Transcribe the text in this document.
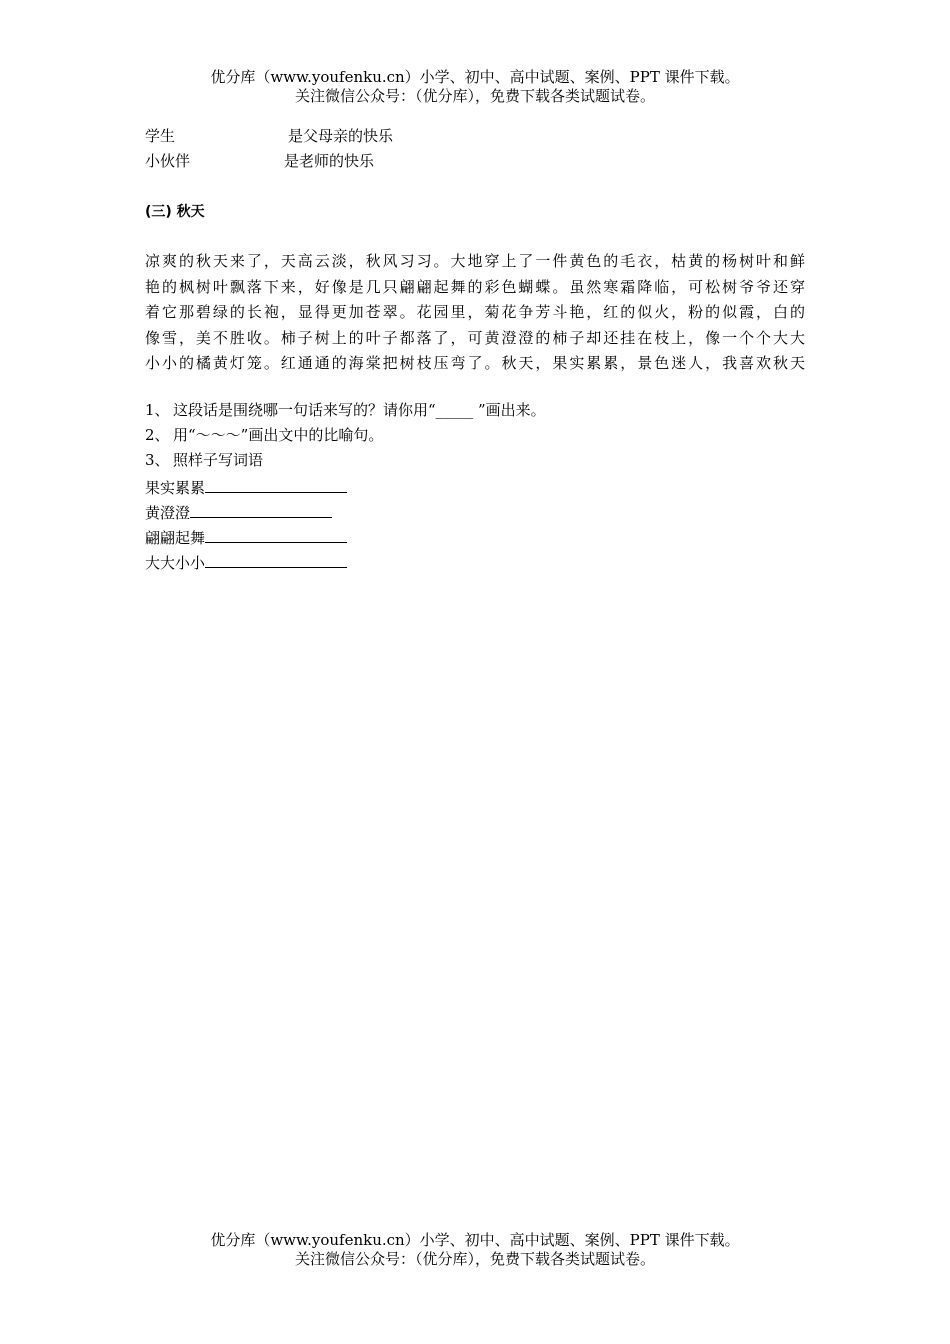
优分库（www.youfenku.cn）小学、初中、高中试题、案例、PPT 课件下载。
关注微信公众号：（优分库），免费下载各类试题试卷。
学生	是父母亲的快乐
小伙伴	是老师的快乐
(三) 秋天
凉爽的秋天来了，天高云淡，秋风习习。大地穿上了一件黄色的毛衣，枯黄的杨树叶和鲜
艳的枫树叶飘落下来，好像是几只翩翩起舞的彩色蝴蝶。虽然寒霜降临，可松树爷爷还穿
着它那碧绿的长袍，显得更加苍翠。花园里，菊花争芳斗艳，红的似火，粉的似霞，白的
像雪，美不胜收。柿子树上的叶子都落了，可黄澄澄的柿子却还挂在枝上，像一个个大大
小小的橘黄灯笼。红通通的海棠把树枝压弯了。秋天，果实累累，景色迷人，我喜欢秋天
1、 这段话是围绕哪一句话来写的？请你用“_____ ”画出来。
2、 用“～～～”画出文中的比喻句。
3、 照样子写词语
果实累累
黄澄澄
翩翩起舞
大大小小
优分库（www.youfenku.cn）小学、初中、高中试题、案例、PPT 课件下载。
关注微信公众号：（优分库），免费下载各类试题试卷。
